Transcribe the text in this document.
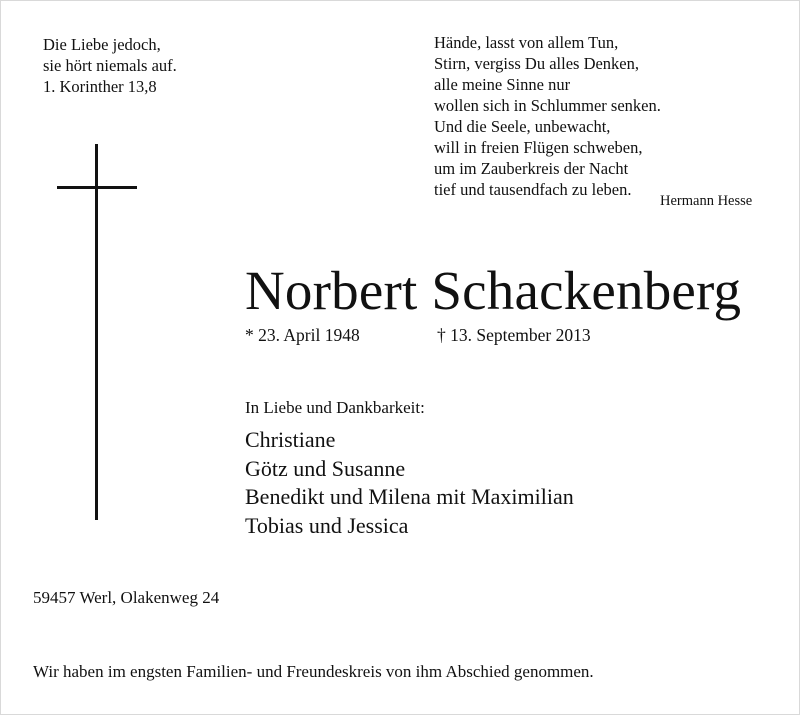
Die Liebe jedoch,
sie hört niemals auf.
1. Korinther 13,8
Hände, lasst von allem Tun,
Stirn, vergiss Du alles Denken,
alle meine Sinne nur
wollen sich in Schlummer senken.
Und die Seele, unbewacht,
will in freien Flügen schweben,
um im Zauberkreis der Nacht
tief und tausendfach zu leben.
Hermann Hesse
Norbert Schackenberg
* 23. April 1948	† 13. September 2013
In Liebe und Dankbarkeit:
Christiane
Götz und Susanne
Benedikt und Milena mit Maximilian
Tobias und Jessica
59457 Werl, Olakenweg 24
Wir haben im engsten Familien- und Freundeskreis von ihm Abschied genommen.
